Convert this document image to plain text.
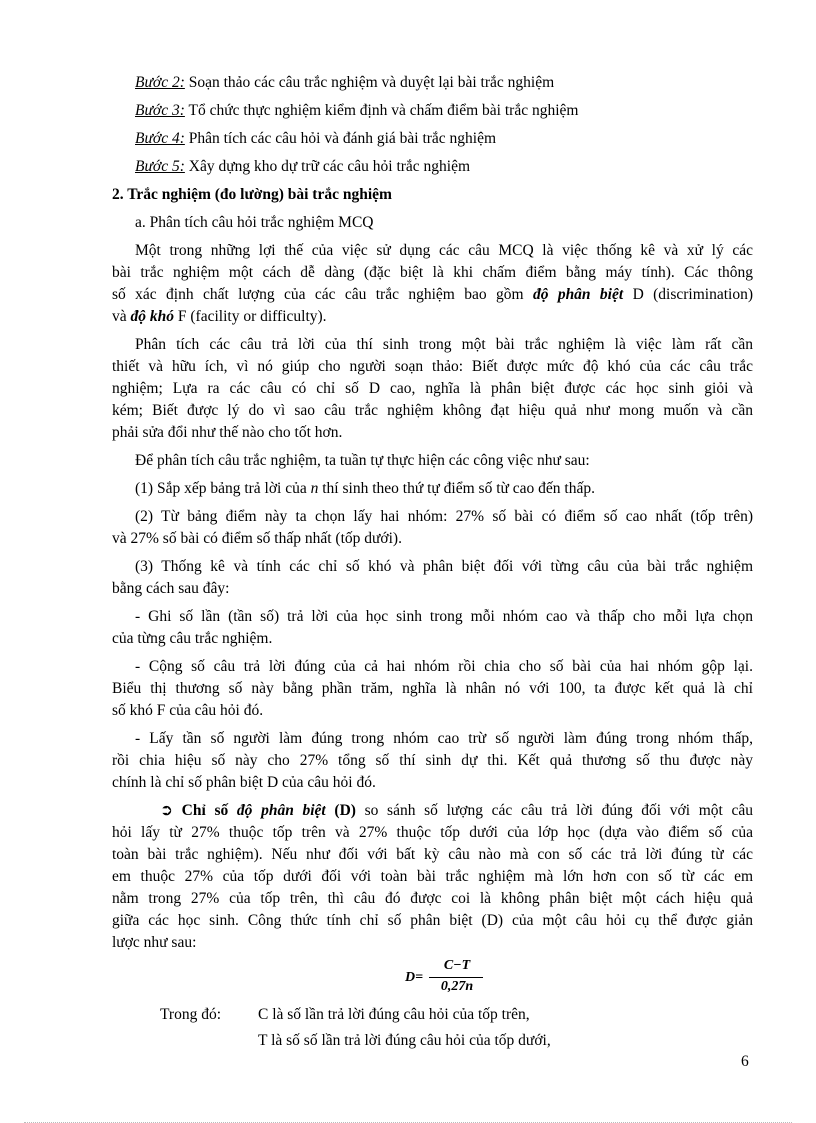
Bước 2: Soạn thảo các câu trắc nghiệm và duyệt lại bài trắc nghiệm
Bước 3: Tổ chức thực nghiệm kiểm định và chấm điểm bài trắc nghiệm
Bước 4: Phân tích các câu hỏi và đánh giá bài trắc nghiệm
Bước 5: Xây dựng kho dự trữ các câu hỏi trắc nghiệm
2. Trắc nghiệm (đo lường) bài trắc nghiệm
a. Phân tích câu hỏi trắc nghiệm MCQ
Một trong những lợi thế của việc sử dụng các câu MCQ là việc thống kê và xử lý các
bài trắc nghiệm một cách dễ dàng (đặc biệt là khi chấm điểm bằng máy tính). Các thông
số xác định chất lượng của các câu trắc nghiệm bao gồm độ phân biệt D (discrimination)
và độ khó F (facility or difficulty).
Phân tích các câu trả lời của thí sinh trong một bài trắc nghiệm là việc làm rất cần
thiết và hữu ích, vì nó giúp cho người soạn thảo: Biết được mức độ khó của các câu trắc
nghiệm; Lựa ra các câu có chỉ số D cao, nghĩa là phân biệt được các học sinh giỏi và
kém; Biết được lý do vì sao câu trắc nghiệm không đạt hiệu quả như mong muốn và cần
phải sửa đổi như thế nào cho tốt hơn.
Để phân tích câu trắc nghiệm, ta tuần tự thực hiện các công việc như sau:
(1) Sắp xếp bảng trả lời của n thí sinh theo thứ tự điểm số từ cao đến thấp.
(2) Từ bảng điểm này ta chọn lấy hai nhóm: 27% số bài có điểm số cao nhất (tốp trên)
và 27% số bài có điểm số thấp nhất (tốp dưới).
(3) Thống kê và tính các chỉ số khó và phân biệt đối với từng câu của bài trắc nghiệm
bằng cách sau đây:
- Ghi số lần (tần số) trả lời của học sinh trong mỗi nhóm cao và thấp cho mỗi lựa chọn
của từng câu trắc nghiệm.
- Cộng số câu trả lời đúng của cả hai nhóm rồi chia cho số bài của hai nhóm gộp lại.
Biểu thị thương số này bằng phần trăm, nghĩa là nhân nó với 100, ta được kết quả là chỉ
số khó F của câu hỏi đó.
- Lấy tần số người làm đúng trong nhóm cao trừ số người làm đúng trong nhóm thấp,
rồi chia hiệu số này cho 27% tổng số thí sinh dự thi. Kết quả thương số thu được này
chính là chỉ số phân biệt D của câu hỏi đó.
➲ Chỉ số độ phân biệt (D) so sánh số lượng các câu trả lời đúng đối với một câu
hỏi lấy từ 27% thuộc tốp trên và 27% thuộc tốp dưới của lớp học (dựa vào điểm số của
toàn bài trắc nghiệm). Nếu như đối với bất kỳ câu nào mà con số các trả lời đúng từ các
em thuộc 27% của tốp dưới đối với toàn bài trắc nghiệm mà lớn hơn con số từ các em
nằm trong 27% của tốp trên, thì câu đó được coi là không phân biệt một cách hiệu quả
giữa các học sinh. Công thức tính chỉ số phân biệt (D) của một câu hỏi cụ thể được giản
lược như sau:
D=
C−T
0,27n
Trong đó:	C là số lần trả lời đúng câu hỏi của tốp trên,
T là số số lần trả lời đúng câu hỏi của tốp dưới,
6
